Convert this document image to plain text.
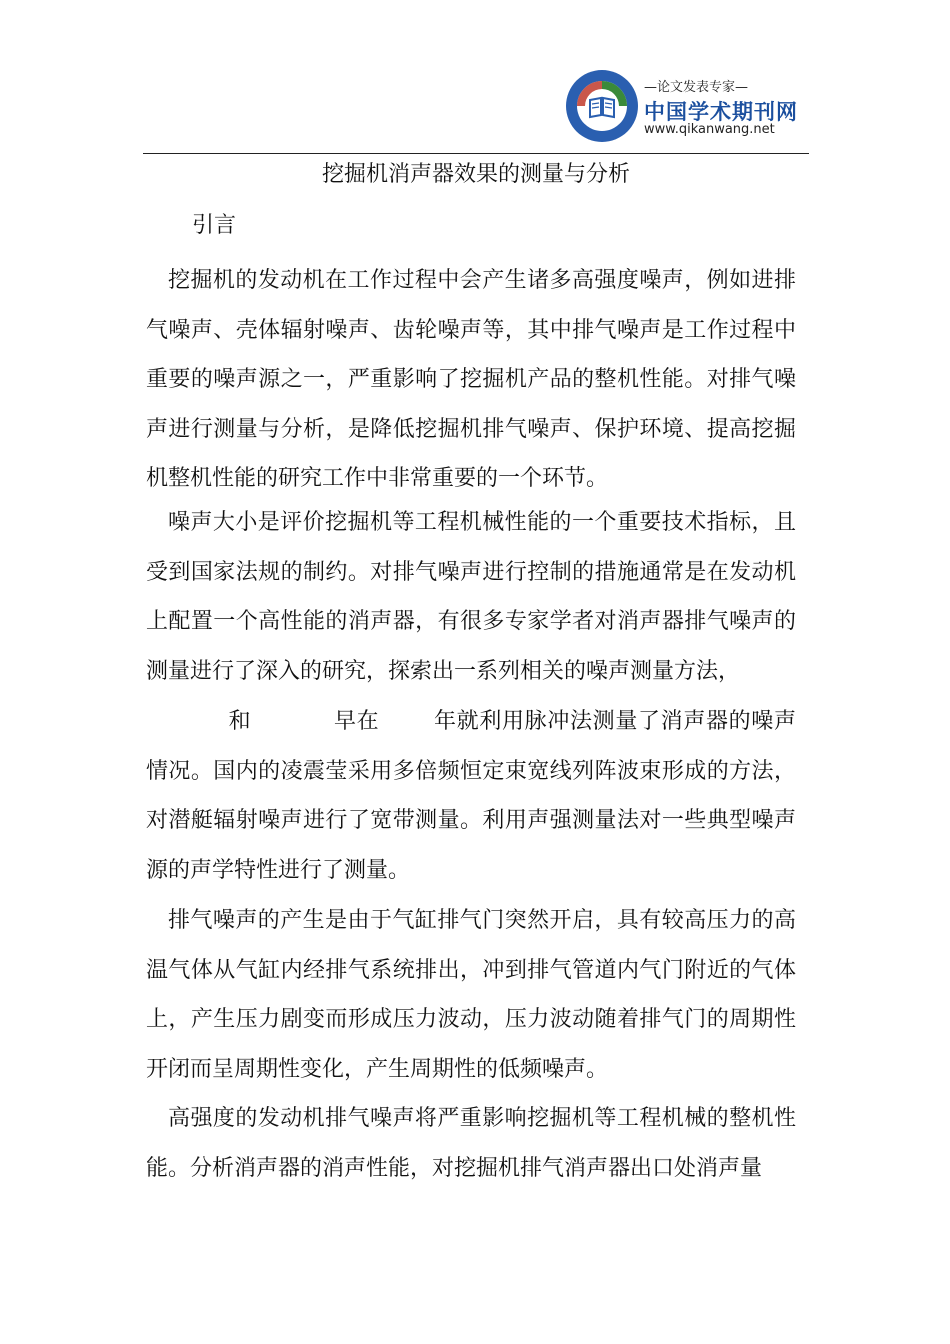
—论文发表专家—
中国学术期刊网
www.qikanwang.net
挖掘机消声器效果的测量与分析
引言
挖掘机的发动机在工作过程中会产生诸多高强度噪声，例如进排气噪声、壳体辐射噪声、齿轮噪声等，其中排气噪声是工作过程中重要的噪声源之一，严重影响了挖掘机产品的整机性能。对排气噪声进行测量与分析，是降低挖掘机排气噪声、保护环境、提高挖掘机整机性能的研究工作中非常重要的一个环节。
噪声大小是评价挖掘机等工程机械性能的一个重要技术指标，且受到国家法规的制约。对排气噪声进行控制的措施通常是在发动机上配置一个高性能的消声器，有很多专家学者对消声器排气噪声的测量进行了深入的研究，探索出一系列相关的噪声测量方法，
和	早在 年就利用脉冲法测量了消声器的噪声情况。国内的凌震莹采用多倍频恒定束宽线列阵波束形成的方法，对潜艇辐射噪声进行了宽带测量。利用声强测量法对一些典型噪声源的声学特性进行了测量。
排气噪声的产生是由于气缸排气门突然开启，具有较高压力的高温气体从气缸内经排气系统排出，冲到排气管道内气门附近的气体上，产生压力剧变而形成压力波动，压力波动随着排气门的周期性开闭而呈周期性变化，产生周期性的低频噪声。
高强度的发动机排气噪声将严重影响挖掘机等工程机械的整机性能。分析消声器的消声性能，对挖掘机排气消声器出口处消声量
